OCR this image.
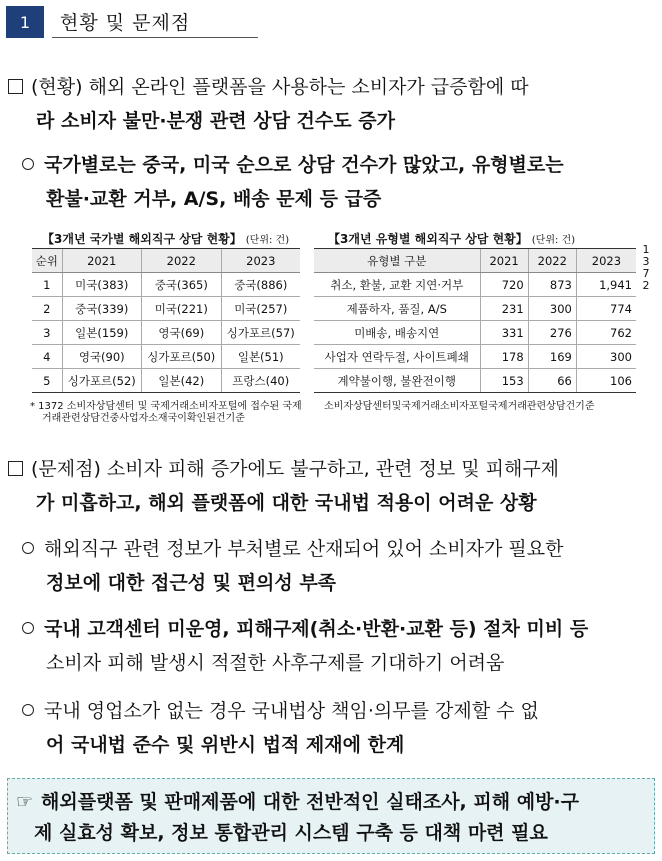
1	현황 및 문제점
(현황) 해외 온라인 플랫폼을 사용하는 소비자가 급증함에 따
라 소비자 불만·분쟁 관련 상담 건수도 증가
국가별로는 중국, 미국 순으로 상담 건수가 많았고, 유형별로는
환불·교환 거부, A/S, 배송 문제 등 급증
【3개년 국가별 해외직구 상담 현황】 (단위: 건)
순위	2021	2022	2023
1	미국(383)	중국(365)	중국(886)
2	중국(339)	미국(221)	미국(257)
3	일본(159)	영국(69)	싱가포르(57)
4	영국(90)	싱가포르(50)	일본(51)
5	싱가포르(52)	일본(42)	프랑스(40)
【3개년 유형별 해외직구 상담 현황】 (단위: 건)
유형별 구분	2021	2022	2023
취소, 환불, 교환 지연·거부	720	873	1,941
제품하자, 품질, A/S	231	300	774
미배송, 배송지연	331	276	762
사업자 연락두절, 사이트폐쇄	178	169	300
계약불이행, 불완전이행	153	66	106
1
3
7
2
* 1372 소비자상담센터 및 국제거래소비자포털에 접수된 국제
거래관련상담건중사업자소재국이확인된건기준
소비자상담센터및국제거래소비자포털국제거래관련상담건기준
(문제점) 소비자 피해 증가에도 불구하고, 관련 정보 및 피해구제
가 미흡하고, 해외 플랫폼에 대한 국내법 적용이 어려운 상황
해외직구 관련 정보가 부처별로 산재되어 있어 소비자가 필요한
정보에 대한 접근성 및 편의성 부족
국내 고객센터 미운영, 피해구제(취소·반환·교환 등) 절차 미비 등
소비자 피해 발생시 적절한 사후구제를 기대하기 어려움
국내 영업소가 없는 경우 국내법상 책임·의무를 강제할 수 없
어 국내법 준수 및 위반시 법적 제재에 한계
☞ 해외플랫폼 및 판매제품에 대한 전반적인 실태조사, 피해 예방·구
제 실효성 확보, 정보 통합관리 시스템 구축 등 대책 마련 필요
